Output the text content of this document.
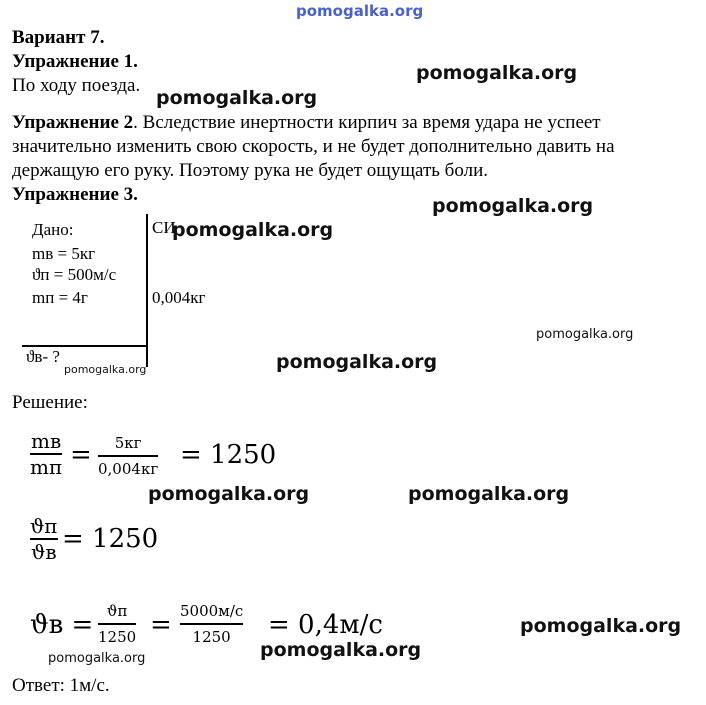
pomogalka.org
Вариант 7.
Упражнение 1.
По ходу поезда.
Упражнение 2. Вследствие инертности кирпич за время удара не успеет
значительно изменить свою скорость, и не будет дополнительно давить на
держащую его руку. Поэтому рука не будет ощущать боли.
Упражнение 3.
Дано:	СИ
mв = 5кг
ϑп = 500м/с
mп = 4г	0,004кг
ϑв- ?
Решение:
mв
mп = 5кг
0,004кг = 1250
ϑп
ϑв = 1250
ϑв = ϑп
1250 = 5000м/с
1250 = 0,4м/с
Ответ: 1м/с.
pomogalka.org
pomogalka.org
pomogalka.org
pomogalka.org
pomogalka.org
pomogalka.org
pomogalka.org
pomogalka.org	pomogalka.org
pomogalka.org
pomogalka.org	pomogalka.org
